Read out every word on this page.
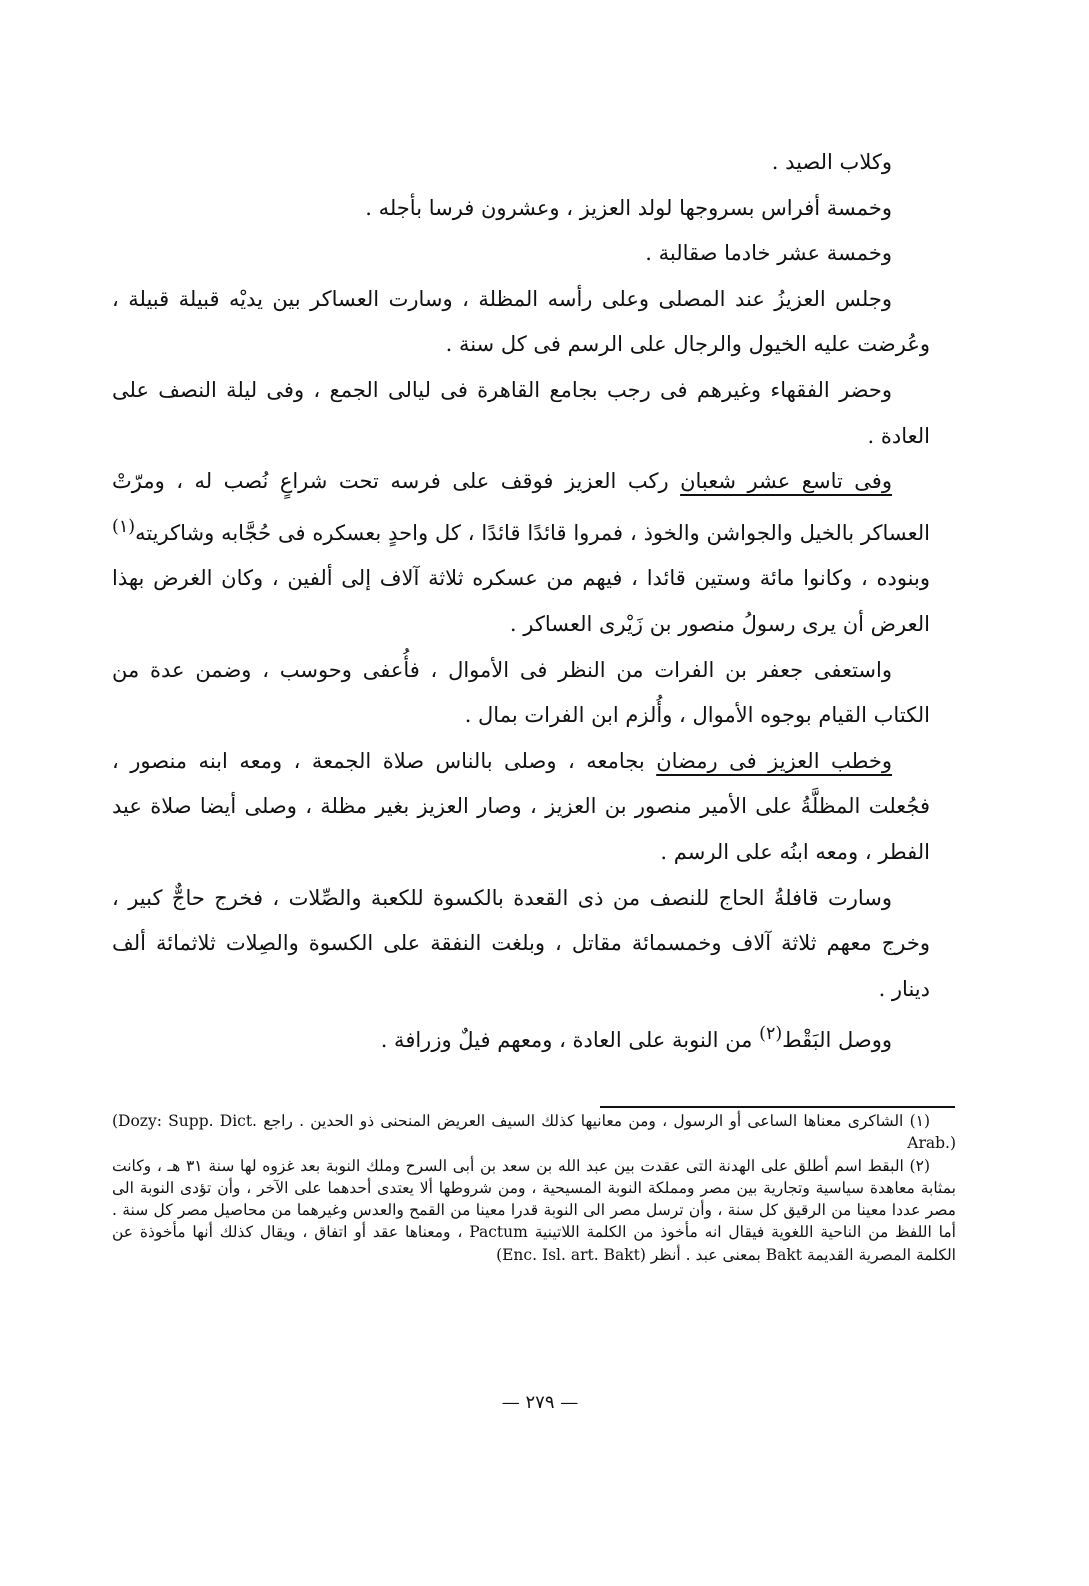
وكلاب الصيد .

وخمسة أفراس بسروجها لولد العزيز ، وعشرون فرسا بأجله .

وخمسة عشر خادما صقالبة .

وجلس العزيزُ عند المصلى وعلى رأسه المظلة ، وسارت العساكر بين يديْه قبيلة قبيلة ، وعُرضت عليه الخيول والرجال على الرسم فى كل سنة .

وحضر الفقهاء وغيرهم فى رجب بجامع القاهرة فى ليالى الجمع ، وفى ليلة النصف على العادة .

وفى تاسع عشر شعبان ركب العزيز فوقف على فرسه تحت شراعٍ نُصب له ، ومرّتْ العساكر بالخيل والجواشن والخوذ ، فمروا قائدًا قائدًا ، كل واحدٍ بعسكره فى حُجَّابه وشاكريته$^{(١)}$ وبنوده ، وكانوا مائة وستين قائدا ، فيهم من عسكره ثلاثة آلاف إلى ألفين ، وكان الغرض بهذا العرض أن يرى رسولُ منصور بن زَيْرى العساكر .

واستعفى جعفر بن الفرات من النظر فى الأموال ، فأُعفى وحوسب ، وضمن عدة من الكتاب القيام بوجوه الأموال ، وأُلزم ابن الفرات بمال .

وخطب العزيز فى رمضان بجامعه ، وصلى بالناس صلاة الجمعة ، ومعه ابنه منصور ، فجُعلت المظلَّةُ على الأمير منصور بن العزيز ، وصار العزيز بغير مظلة ، وصلى أيضا صلاة عيد الفطر ، ومعه ابنُه على الرسم .

وسارت قافلةُ الحاج للنصف من ذى القعدة بالكسوة للكعبة والصِّلات ، فخرج حاجٌّ كبير ، وخرج معهم ثلاثة آلاف وخمسمائة مقاتل ، وبلغت النفقة على الكسوة والصِلات ثلاثمائة ألف دينار .

ووصل البَقْط$^{(٢)}$ من النوبة على العادة ، ومعهم فيلٌ وزرافة .

(١) الشاكرى معناها الساعى أو الرسول ، ومن معانيها كذلك السيف العريض المنحنى ذو الحدين . راجع (Dozy: Supp. Dict. Arab.)

(٢) البقط اسم أطلق على الهدنة التى عقدت بين عبد الله بن سعد بن أبى السرح وملك النوبة بعد غزوه لها سنة ٣١ هـ ، وكانت بمثابة معاهدة سياسية وتجارية بين مصر ومملكة النوبة المسيحية ، ومن شروطها ألا يعتدى أحدهما على الآخر ، وأن تؤدى النوبة الى مصر عددا معينا من الرقيق كل سنة ، وأن ترسل مصر الى النوبة قدرا معينا من القمح والعدس وغيرهما من محاصيل مصر كل سنة . أما اللفظ من الناحية اللغوية فيقال انه مأخوذ من الكلمة اللاتينية Pactum ، ومعناها عقد أو اتفاق ، ويقال كذلك أنها مأخوذة عن الكلمة المصرية القديمة Bakt بمعنى عبد . أنظر (Enc. Isl. art. Bakt)

— ٢٧٩ —
